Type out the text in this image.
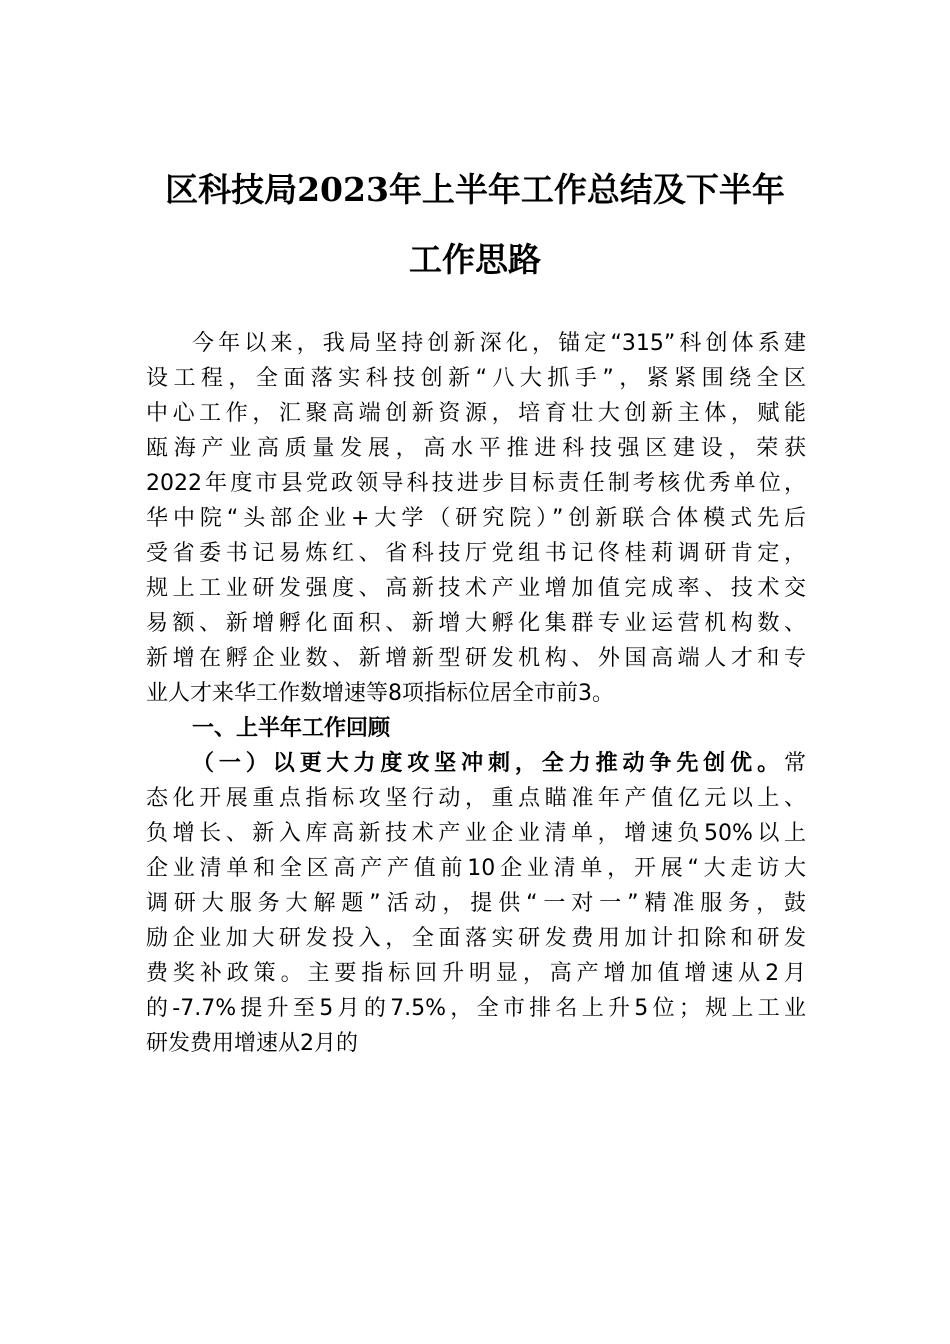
区科技局2023年上半年工作总结及下半年
工作思路
今年以来，我局坚持创新深化，锚定“315”科创体系建
设工程，全面落实科技创新“八大抓手”，紧紧围绕全区
中心工作，汇聚高端创新资源，培育壮大创新主体，赋能
瓯海产业高质量发展，高水平推进科技强区建设，荣获
2022年度市县党政领导科技进步目标责任制考核优秀单位，
华中院“头部企业+大学（研究院）”创新联合体模式先后
受省委书记易炼红、省科技厅党组书记佟桂莉调研肯定，
规上工业研发强度、高新技术产业增加值完成率、技术交
易额、新增孵化面积、新增大孵化集群专业运营机构数、
新增在孵企业数、新增新型研发机构、外国高端人才和专
业人才来华工作数增速等8项指标位居全市前3。
一、上半年工作回顾
（一）以更大力度攻坚冲刺，全力推动争先创优。常
态化开展重点指标攻坚行动，重点瞄准年产值亿元以上、
负增长、新入库高新技术产业企业清单，增速负50%以上
企业清单和全区高产产值前10企业清单，开展“大走访大
调研大服务大解题”活动，提供“一对一”精准服务，鼓
励企业加大研发投入，全面落实研发费用加计扣除和研发
费奖补政策。主要指标回升明显，高产增加值增速从2月
的-7.7%提升至5月的7.5%，全市排名上升5位；规上工业
研发费用增速从2月的
